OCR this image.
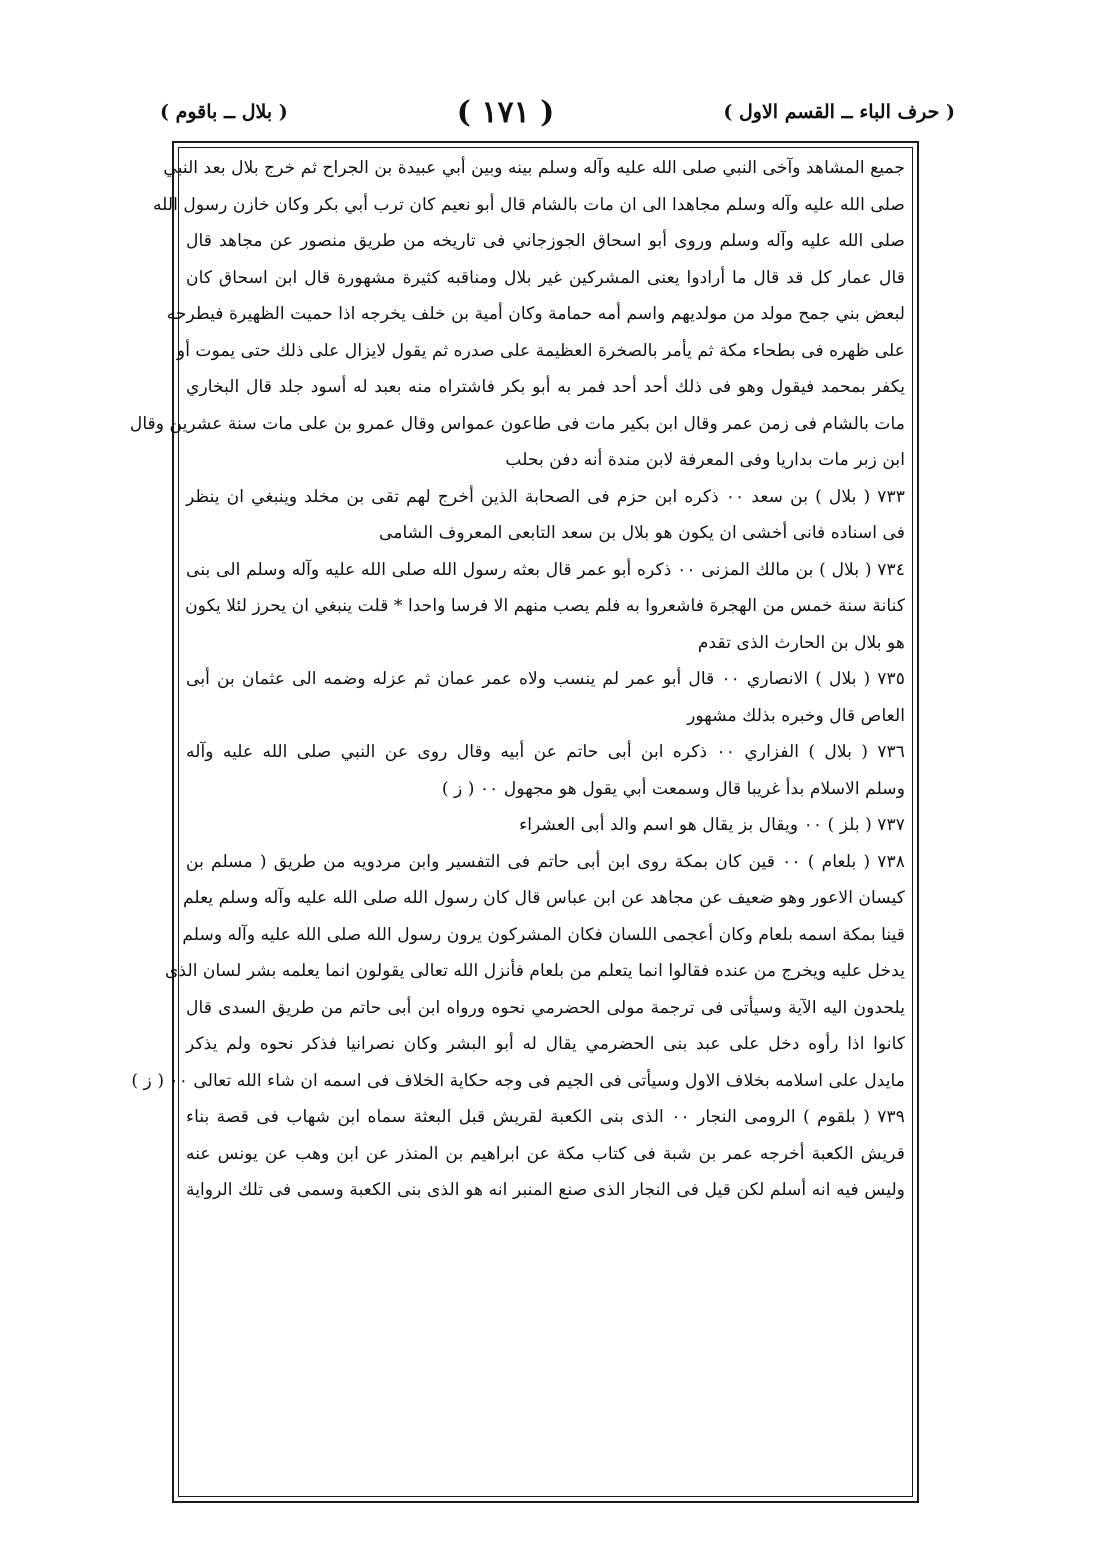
( حرف الباء ــ القسم الاول )
( ١٧١ )
( بلال ــ باقوم )
جميع المشاهد وآخى النبي صلى الله عليه وآله وسلم بينه وبين أبي عبيدة بن الجراح ثم خرج بلال بعد النبي
صلى الله عليه وآله وسلم مجاهدا الى ان مات بالشام قال أبو نعيم كان ترب أبي بكر وكان خازن رسول الله
صلى الله عليه وآله وسلم وروى أبو اسحاق الجوزجاني فى تاريخه من طريق منصور عن مجاهد قال
قال عمار كل قد قال ما أرادوا يعنى المشركين غير بلال ومناقبه كثيرة مشهورة قال ابن اسحاق كان
لبعض بني جمح مولد من مولديهم واسم أمه حمامة وكان أمية بن خلف يخرجه اذا حميت الظهيرة فيطرحه
على ظهره فى بطحاء مكة ثم يأمر بالصخرة العظيمة على صدره ثم يقول لايزال على ذلك حتى يموت أو
يكفر بمحمد فيقول وهو فى ذلك أحد أحد فمر به أبو بكر فاشتراه منه بعبد له أسود جلد قال البخاري
مات بالشام فى زمن عمر وقال ابن بكير مات فى طاعون عمواس وقال عمرو بن على مات سنة عشرين وقال
ابن زبر مات بداريا وفى المعرفة لابن مندة أنه دفن بحلب
٧٣٣ ( بلال ) بن سعد ٠٠ ذكره ابن حزم فى الصحابة الذين أخرج لهم تقى بن مخلد وينبغي ان ينظر
فى اسناده فانى أخشى ان يكون هو بلال بن سعد التابعى المعروف الشامى
٧٣٤ ( بلال ) بن مالك المزنى ٠٠ ذكره أبو عمر قال بعثه رسول الله صلى الله عليه وآله وسلم الى بنى
كنانة سنة خمس من الهجرة فاشعروا به فلم يصب منهم الا فرسا واحدا * قلت ينبغي ان يحرز لئلا يكون
هو بلال بن الحارث الذى تقدم
٧٣٥ ( بلال ) الانصاري ٠٠ قال أبو عمر لم ينسب ولاه عمر عمان ثم عزله وضمه الى عثمان بن أبى
العاص قال وخبره بذلك مشهور
٧٣٦ ( بلال ) الفزاري ٠٠ ذكره ابن أبى حاتم عن أبيه وقال روى عن النبي صلى الله عليه وآله
وسلم الاسلام بدأ غريبا قال وسمعت أبي يقول هو مجهول ٠٠ ( ز )
٧٣٧ ( بلز ) ٠٠ ويقال بز يقال هو اسم والد أبى العشراء
٧٣٨ ( بلعام ) ٠٠ قين كان بمكة روى ابن أبى حاتم فى التفسير وابن مردويه من طريق ( مسلم بن
كيسان الاعور وهو ضعيف عن مجاهد عن ابن عباس قال كان رسول الله صلى الله عليه وآله وسلم يعلم
قينا بمكة اسمه بلعام وكان أعجمى اللسان فكان المشركون يرون رسول الله صلى الله عليه وآله وسلم
يدخل عليه ويخرج من عنده فقالوا انما يتعلم من بلعام فأنزل الله تعالى يقولون انما يعلمه بشر لسان الذى
يلحدون اليه الآية وسيأتى فى ترجمة مولى الحضرمي نحوه ورواه ابن أبى حاتم من طريق السدى قال
كانوا اذا رأوه دخل على عبد بنى الحضرمي يقال له أبو البشر وكان نصرانيا فذكر نحوه ولم يذكر
مايدل على اسلامه بخلاف الاول وسيأتى فى الجيم فى وجه حكاية الخلاف فى اسمه ان شاء الله تعالى ٠٠ ( ز )
٧٣٩ ( بلقوم ) الرومى النجار ٠٠ الذى بنى الكعبة لقريش قبل البعثة سماه ابن شهاب فى قصة بناء
قريش الكعبة أخرجه عمر بن شبة فى كتاب مكة عن ابراهيم بن المنذر عن ابن وهب عن يونس عنه
وليس فيه انه أسلم لكن قيل فى النجار الذى صنع المنبر انه هو الذى بنى الكعبة وسمى فى تلك الرواية
